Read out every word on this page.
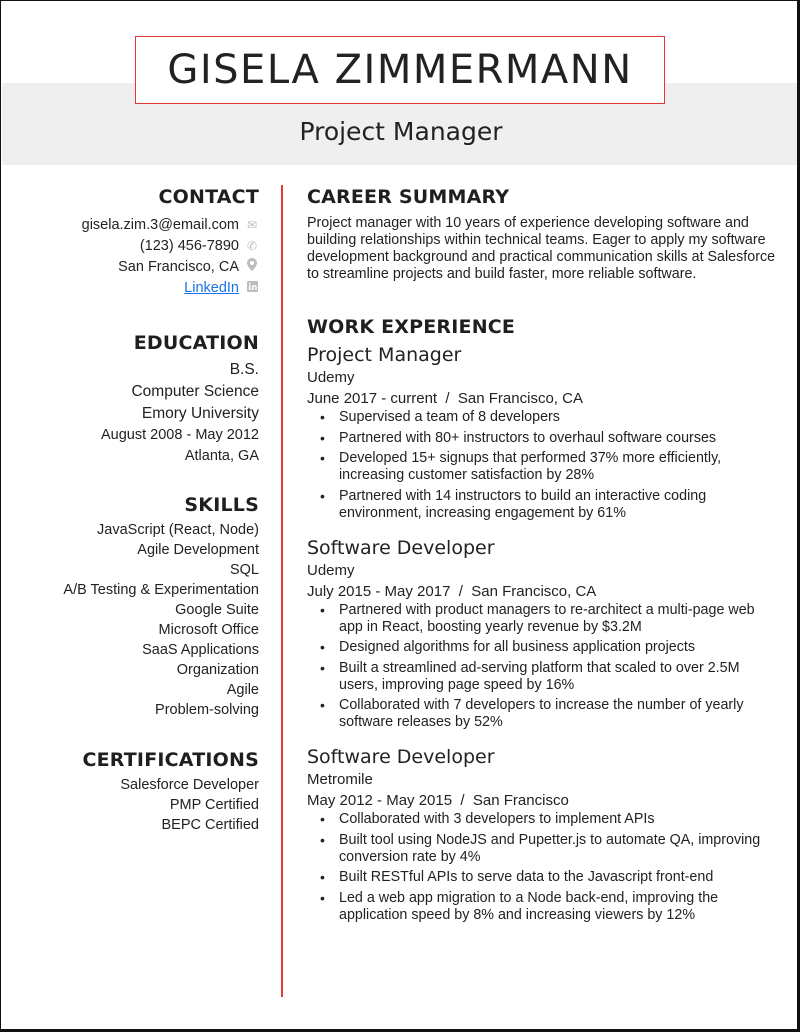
GISELA ZIMMERMANN
Project Manager
CONTACT
gisela.zim.3@email.com ✉
(123) 456-7890 ✆
San Francisco, CA
LinkedIn
EDUCATION
B.S.
Computer Science
Emory University
August 2008 - May 2012
Atlanta, GA
SKILLS
JavaScript (React, Node)
Agile Development
SQL
A/B Testing & Experimentation
Google Suite
Microsoft Office
SaaS Applications
Organization
Agile
Problem-solving
CERTIFICATIONS
Salesforce Developer
PMP Certified
BEPC Certified
CAREER SUMMARY

Project manager with 10 years of experience developing software and building relationships within technical teams. Eager to apply my software development background and practical communication skills at Salesforce to streamline projects and build faster, more reliable software.

WORK EXPERIENCE
Project Manager
Udemy
June 2017 - current  /  San Francisco, CA
• Supervised a team of 8 developers
• Partnered with 80+ instructors to overhaul software courses
• Developed 15+ signups that performed 37% more efficiently, increasing customer satisfaction by 28%
• Partnered with 14 instructors to build an interactive coding environment, increasing engagement by 61%
Software Developer
Udemy
July 2015 - May 2017  /  San Francisco, CA
• Partnered with product managers to re-architect a multi-page web app in React, boosting yearly revenue by $3.2M
• Designed algorithms for all business application projects
• Built a streamlined ad-serving platform that scaled to over 2.5M users, improving page speed by 16%
• Collaborated with 7 developers to increase the number of yearly software releases by 52%
Software Developer
Metromile
May 2012 - May 2015  /  San Francisco
• Collaborated with 3 developers to implement APIs
• Built tool using NodeJS and Pupetter.js to automate QA, improving conversion rate by 4%
• Built RESTful APIs to serve data to the Javascript front-end
• Led a web app migration to a Node back-end, improving the application speed by 8% and increasing viewers by 12%
